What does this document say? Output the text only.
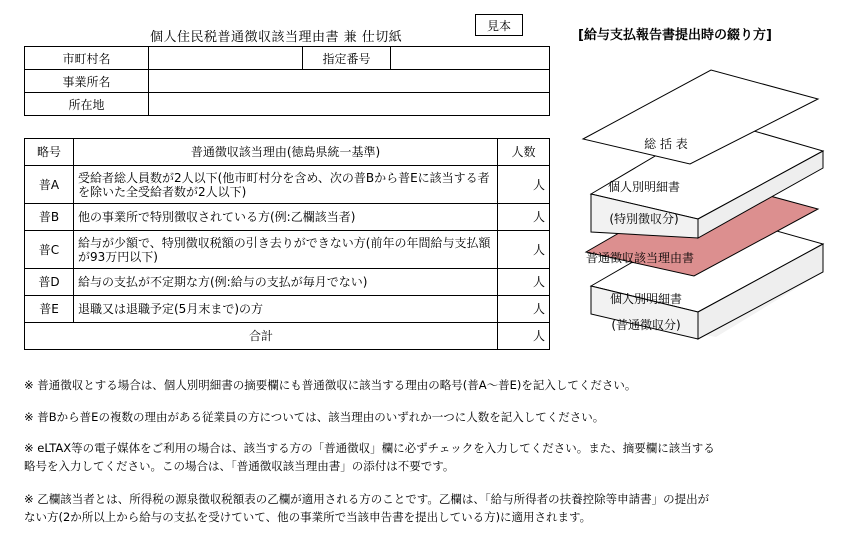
個人住民税普通徴収該当理由書 兼 仕切紙
見本
[給与支払報告書提出時の綴り方]
市町村名		指定番号	
事業所名			
所在地			
略号	普通徴収該当理由(徳島県統一基準)	人数
普A	受給者総人員数が2人以下(他市町村分を含め、次の普Bから普Eに該当する者を除いた全受給者数が2人以下)	人
普B	他の事業所で特別徴収されている方(例:乙欄該当者)	人
普C	給与が少額で、特別徴収税額の引き去りができない方(前年の年間給与支払額が93万円以下)	人
普D	給与の支払が不定期な方(例:給与の支払が毎月でない)	人
普E	退職又は退職予定(5月末まで)の方	人
合計		人
個人別明細書
(普通徴収分)
普通徴収該当理由書
個人別明細書
(特別徴収分)
総 括 表
※ 普通徴収とする場合は、個人別明細書の摘要欄にも普通徴収に該当する理由の略号(普A～普E)を記入してください。
※ 普Bから普Eの複数の理由がある従業員の方については、該当理由のいずれか一つに人数を記入してください。
※ eLTAX等の電子媒体をご利用の場合は、該当する方の「普通徴収」欄に必ずチェックを入力してください。また、摘要欄に該当する略号を入力してください。この場合は、「普通徴収該当理由書」の添付は不要です。
※ 乙欄該当者とは、所得税の源泉徴収税額表の乙欄が適用される方のことです。乙欄は、「給与所得者の扶養控除等申請書」の提出がない方(2か所以上から給与の支払を受けていて、他の事業所で当該申告書を提出している方)に適用されます。
